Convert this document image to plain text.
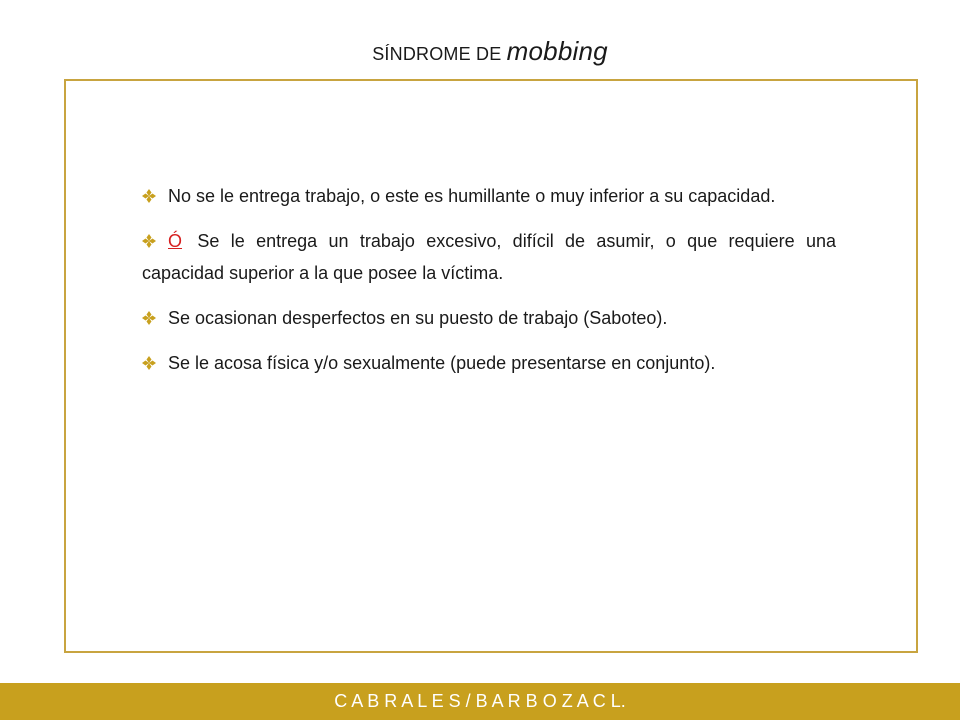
SÍNDROME DE mobbing
No se le entrega trabajo, o este es humillante o muy inferior a su capacidad.
Ó Se le entrega un trabajo excesivo, difícil de asumir, o que requiere una capacidad superior a la que posee la víctima.
Se ocasionan desperfectos en su puesto de trabajo (Saboteo).
Se le acosa física y/o sexualmente (puede presentarse en conjunto).
C A B R A L E S / B A R B O Z A C L.
